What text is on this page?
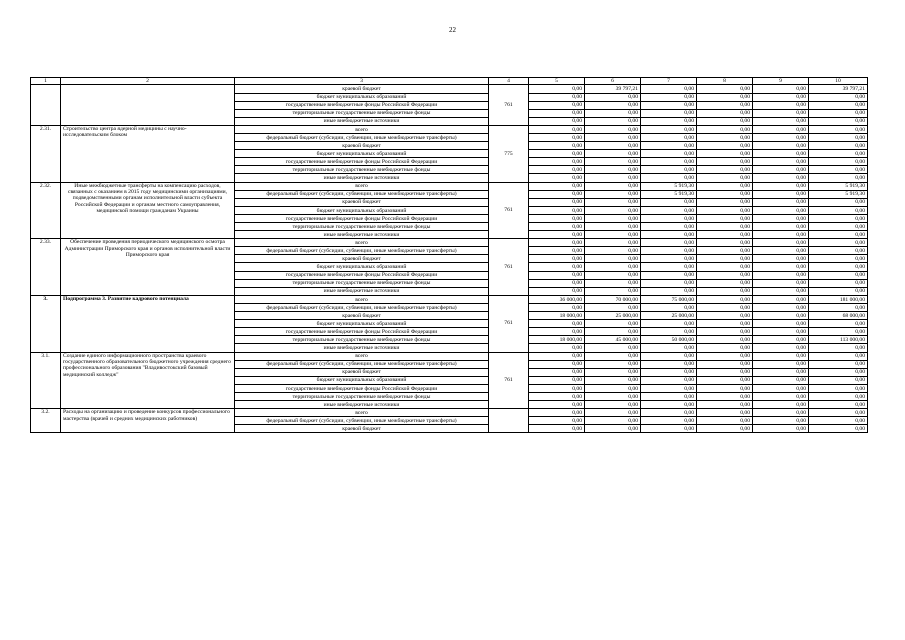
22
1	2	3	4	5	6	7	8	9	10
		краевой бюджет	761	0,00	39 797,21	0,00	0,00	0,00	39 797,21
		бюджет муниципальных образований		0,00	0,00	0,00	0,00	0,00	0,00
		государственные внебюджетные фонды Российской Федерации		0,00	0,00	0,00	0,00	0,00	0,00
		территориальные государственные внебюджетные фонды		0,00	0,00	0,00	0,00	0,00	0,00
		иные внебюджетные источники		0,00	0,00	0,00	0,00	0,00	0,00
2.31.	Строительство центра ядерной медицины с научно-исследовательским блоком	всего	775	0,00	0,00	0,00	0,00	0,00	0,00
		федеральный бюджет (субсидии, субвенции, иные межбюджетные трансферты)		0,00	0,00	0,00	0,00	0,00	0,00
		краевой бюджет		0,00	0,00	0,00	0,00	0,00	0,00
		бюджет муниципальных образований		0,00	0,00	0,00	0,00	0,00	0,00
		государственные внебюджетные фонды Российской Федерации		0,00	0,00	0,00	0,00	0,00	0,00
		территориальные государственные внебюджетные фонды		0,00	0,00	0,00	0,00	0,00	0,00
		иные внебюджетные источники		0,00	0,00	0,00	0,00	0,00	0,00
2.32.	Иные межбюджетные трансферты на компенсацию расходов, связанных с оказанием в 2015 году медицинскими организациями, подведомственными органам исполнительной власти субъекта Российской Федерации и органам местного самоуправления, медицинской помощи гражданам Украины	всего	761	0,00	0,00	5 919,30	0,00	0,00	5 919,30
		федеральный бюджет (субсидии, субвенции, иные межбюджетные трансферты)		0,00	0,00	5 919,30	0,00	0,00	5 919,30
		краевой бюджет		0,00	0,00	0,00	0,00	0,00	0,00
		бюджет муниципальных образований		0,00	0,00	0,00	0,00	0,00	0,00
		государственные внебюджетные фонды Российской Федерации		0,00	0,00	0,00	0,00	0,00	0,00
		территориальные государственные внебюджетные фонды		0,00	0,00	0,00	0,00	0,00	0,00
		иные внебюджетные источники		0,00	0,00	0,00	0,00	0,00	0,00
2.33.	Обеспечение проведения периодического медицинского осмотра Администрации Приморского края и органов исполнительной власти Приморского края	всего	761	0,00	0,00	0,00	0,00	0,00	0,00
		федеральный бюджет (субсидии, субвенции, иные межбюджетные трансферты)		0,00	0,00	0,00	0,00	0,00	0,00
		краевой бюджет		0,00	0,00	0,00	0,00	0,00	0,00
		бюджет муниципальных образований		0,00	0,00	0,00	0,00	0,00	0,00
		государственные внебюджетные фонды Российской Федерации		0,00	0,00	0,00	0,00	0,00	0,00
		территориальные государственные внебюджетные фонды		0,00	0,00	0,00	0,00	0,00	0,00
		иные внебюджетные источники		0,00	0,00	0,00	0,00	0,00	0,00
3.	Подпрограмма 3. Развитие кадрового потенциала	всего	761	36 000,00	70 000,00	75 000,00	0,00	0,00	181 000,00
		федеральный бюджет (субсидии, субвенции, иные межбюджетные трансферты)		0,00	0,00	0,00	0,00	0,00	0,00
		краевой бюджет		18 000,00	25 000,00	25 000,00	0,00	0,00	68 000,00
		бюджет муниципальных образований		0,00	0,00	0,00	0,00	0,00	0,00
		государственные внебюджетные фонды Российской Федерации		0,00	0,00	0,00	0,00	0,00	0,00
		территориальные государственные внебюджетные фонды		18 000,00	45 000,00	50 000,00	0,00	0,00	113 000,00
		иные внебюджетные источники		0,00	0,00	0,00	0,00	0,00	0,00
3.1.	Создание единого информационного пространства краевого государственного образовательного бюджетного учреждения среднего профессионального образования "Владивостокский базовый медицинский колледж"	всего	761	0,00	0,00	0,00	0,00	0,00	0,00
		федеральный бюджет (субсидии, субвенции, иные межбюджетные трансферты)		0,00	0,00	0,00	0,00	0,00	0,00
		краевой бюджет		0,00	0,00	0,00	0,00	0,00	0,00
		бюджет муниципальных образований		0,00	0,00	0,00	0,00	0,00	0,00
		государственные внебюджетные фонды Российской Федерации		0,00	0,00	0,00	0,00	0,00	0,00
		территориальные государственные внебюджетные фонды		0,00	0,00	0,00	0,00	0,00	0,00
		иные внебюджетные источники		0,00	0,00	0,00	0,00	0,00	0,00
3.2.	Расходы на организацию и проведение конкурсов профессионального мастерства (врачей и средних медицинских работников)	всего		0,00	0,00	0,00	0,00	0,00	0,00
		федеральный бюджет (субсидии, субвенции, иные межбюджетные трансферты)		0,00	0,00	0,00	0,00	0,00	0,00
		краевой бюджет		0,00	0,00	0,00	0,00	0,00	0,00
